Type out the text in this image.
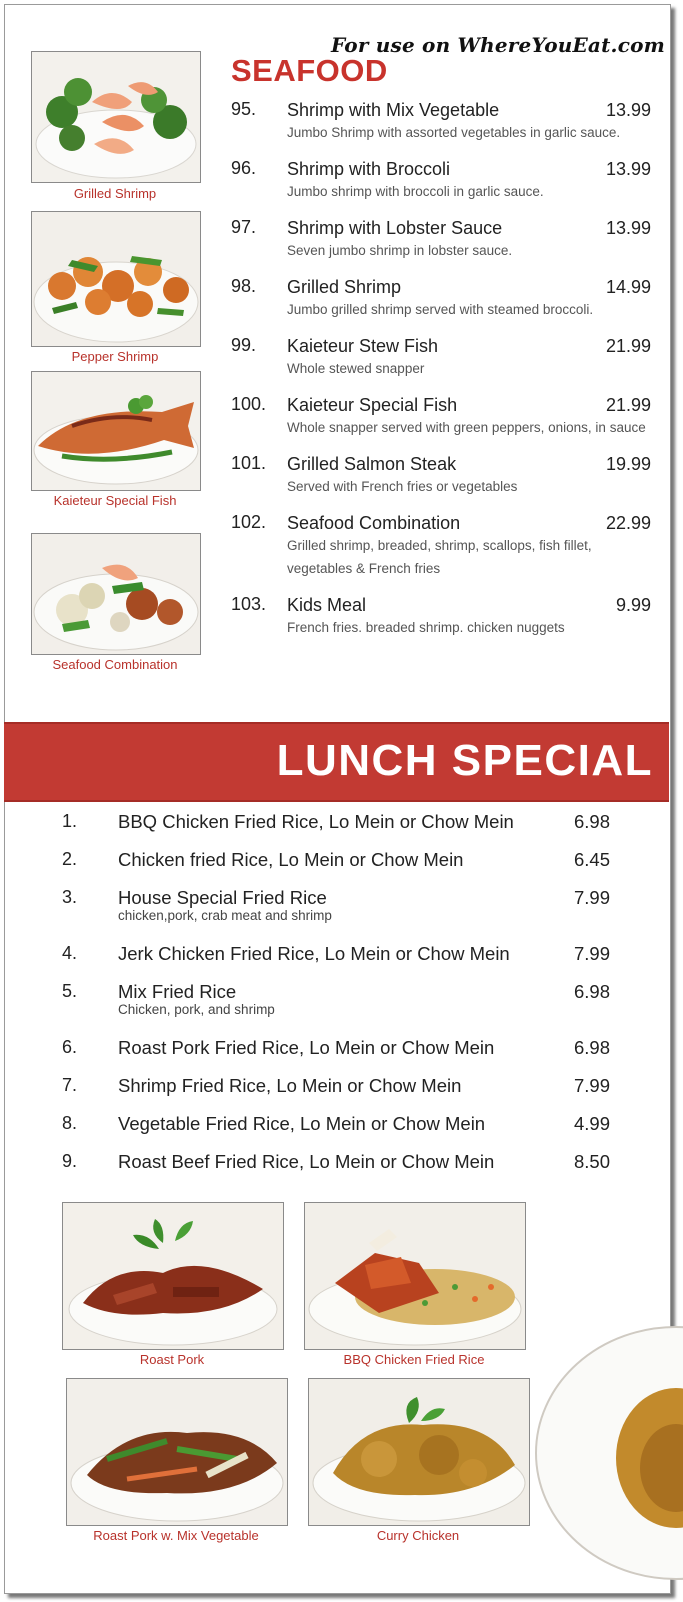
For use on WhereYouEat.com
SEAFOOD
Grilled Shrimp
Pepper Shrimp
Kaieteur Special Fish
Seafood Combination
95. Shrimp with Mix Vegetable	13.99
Jumbo Shrimp with assorted vegetables in garlic sauce.
96. Shrimp with Broccoli	13.99
Jumbo shrimp with broccoli in garlic sauce.
97. Shrimp with Lobster Sauce	13.99
Seven jumbo shrimp in lobster sauce.
98. Grilled Shrimp	14.99
Jumbo grilled shrimp served with steamed broccoli.
99. Kaieteur Stew Fish	21.99
Whole stewed snapper
100. Kaieteur Special Fish	21.99
Whole snapper served with green peppers, onions, in sauce
101. Grilled Salmon Steak	19.99
Served with French fries or vegetables
102. Seafood Combination	22.99
Grilled shrimp, breaded, shrimp, scallops, fish fillet, vegetables & French fries
103. Kids Meal	9.99
French fries. breaded shrimp. chicken nuggets
LUNCH SPECIAL
1. BBQ Chicken Fried Rice, Lo Mein or Chow Mein	6.98
2. Chicken fried Rice, Lo Mein or Chow Mein	6.45
3. House Special Fried Rice	7.99
chicken,pork, crab meat and shrimp
4. Jerk Chicken Fried Rice, Lo Mein or Chow Mein	7.99
5. Mix Fried Rice	6.98
Chicken, pork, and shrimp
6. Roast Pork Fried Rice, Lo Mein or Chow Mein	6.98
7. Shrimp Fried Rice, Lo Mein or Chow Mein	7.99
8. Vegetable Fried Rice, Lo Mein or Chow Mein	4.99
9. Roast Beef Fried Rice, Lo Mein or Chow Mein	8.50
Roast Pork	BBQ Chicken Fried Rice
Roast Pork w. Mix Vegetable	Curry Chicken
